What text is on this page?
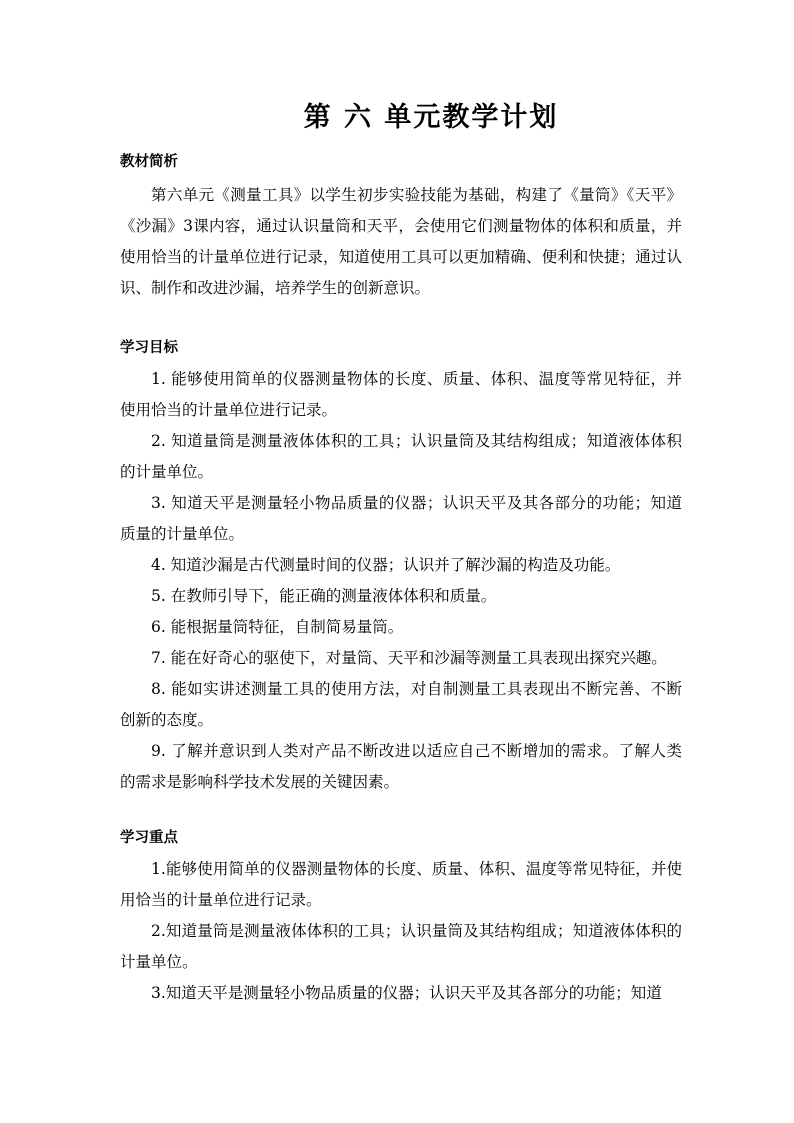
第 六 单元教学计划

教材简析

第六单元《测量工具》以学生初步实验技能为基础，构建了《量筒》《天平》《沙漏》3课内容，通过认识量筒和天平，会使用它们测量物体的体积和质量，并使用恰当的计量单位进行记录，知道使用工具可以更加精确、便利和快捷；通过认识、制作和改进沙漏，培养学生的创新意识。

学习目标

1. 能够使用简单的仪器测量物体的长度、质量、体积、温度等常见特征，并使用恰当的计量单位进行记录。
2. 知道量筒是测量液体体积的工具；认识量筒及其结构组成；知道液体体积的计量单位。
3. 知道天平是测量轻小物品质量的仪器；认识天平及其各部分的功能；知道质量的计量单位。
4. 知道沙漏是古代测量时间的仪器；认识并了解沙漏的构造及功能。
5. 在教师引导下，能正确的测量液体体积和质量。
6. 能根据量筒特征，自制简易量筒。
7. 能在好奇心的驱使下，对量筒、天平和沙漏等测量工具表现出探究兴趣。
8. 能如实讲述测量工具的使用方法，对自制测量工具表现出不断完善、不断创新的态度。
9. 了解并意识到人类对产品不断改进以适应自己不断增加的需求。了解人类的需求是影响科学技术发展的关键因素。

学习重点

1.能够使用简单的仪器测量物体的长度、质量、体积、温度等常见特征，并使用恰当的计量单位进行记录。
2.知道量筒是测量液体体积的工具；认识量筒及其结构组成；知道液体体积的计量单位。
3.知道天平是测量轻小物品质量的仪器；认识天平及其各部分的功能；知道
